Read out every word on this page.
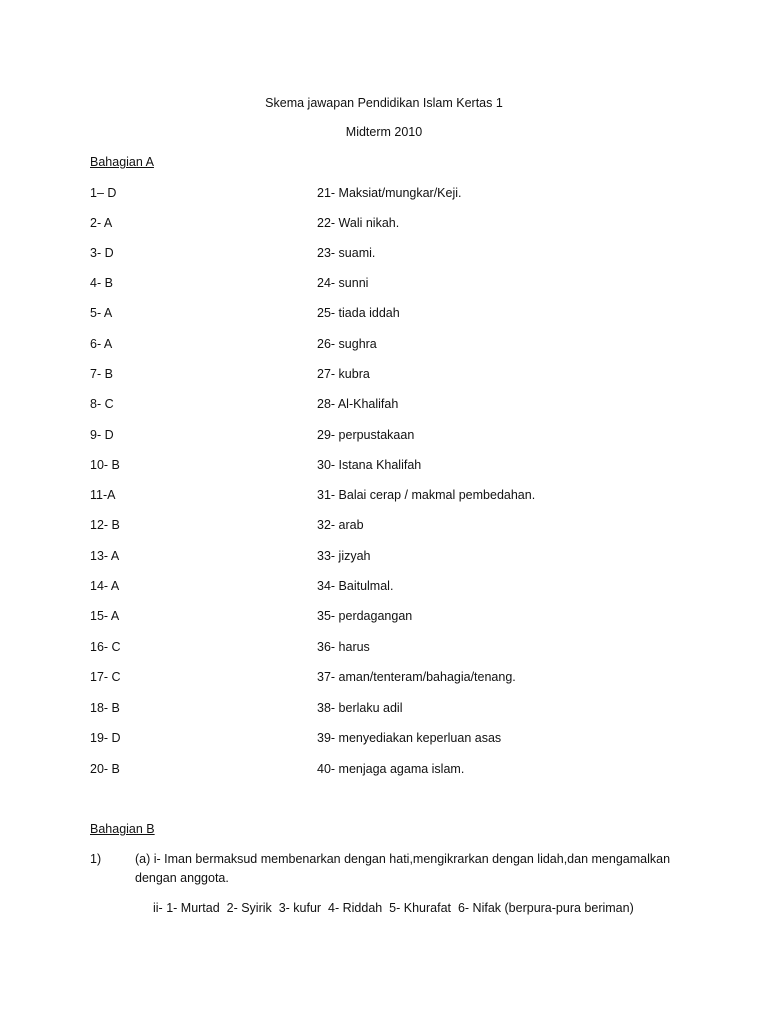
Skema jawapan Pendidikan Islam Kertas 1
Midterm 2010
Bahagian A
1– D
2- A
3- D
4- B
5- A
6- A
7- B
8- C
9- D
10- B
11-A
12- B
13- A
14- A
15- A
16- C
17- C
18- B
19- D
20- B
21- Maksiat/mungkar/Keji.
22- Wali nikah.
23- suami.
24- sunni
25- tiada iddah
26- sughra
27- kubra
28- Al-Khalifah
29- perpustakaan
30- Istana Khalifah
31- Balai cerap / makmal pembedahan.
32- arab
33- jizyah
34- Baitulmal.
35- perdagangan
36- harus
37- aman/tenteram/bahagia/tenang.
38- berlaku adil
39- menyediakan keperluan asas
40- menjaga agama islam.
Bahagian B
1)	(a) i- Iman bermaksud membenarkan dengan hati,mengikrarkan dengan lidah,dan mengamalkan
dengan anggota.
ii- 1- Murtad  2- Syirik  3- kufur  4- Riddah  5- Khurafat  6- Nifak (berpura-pura beriman)
